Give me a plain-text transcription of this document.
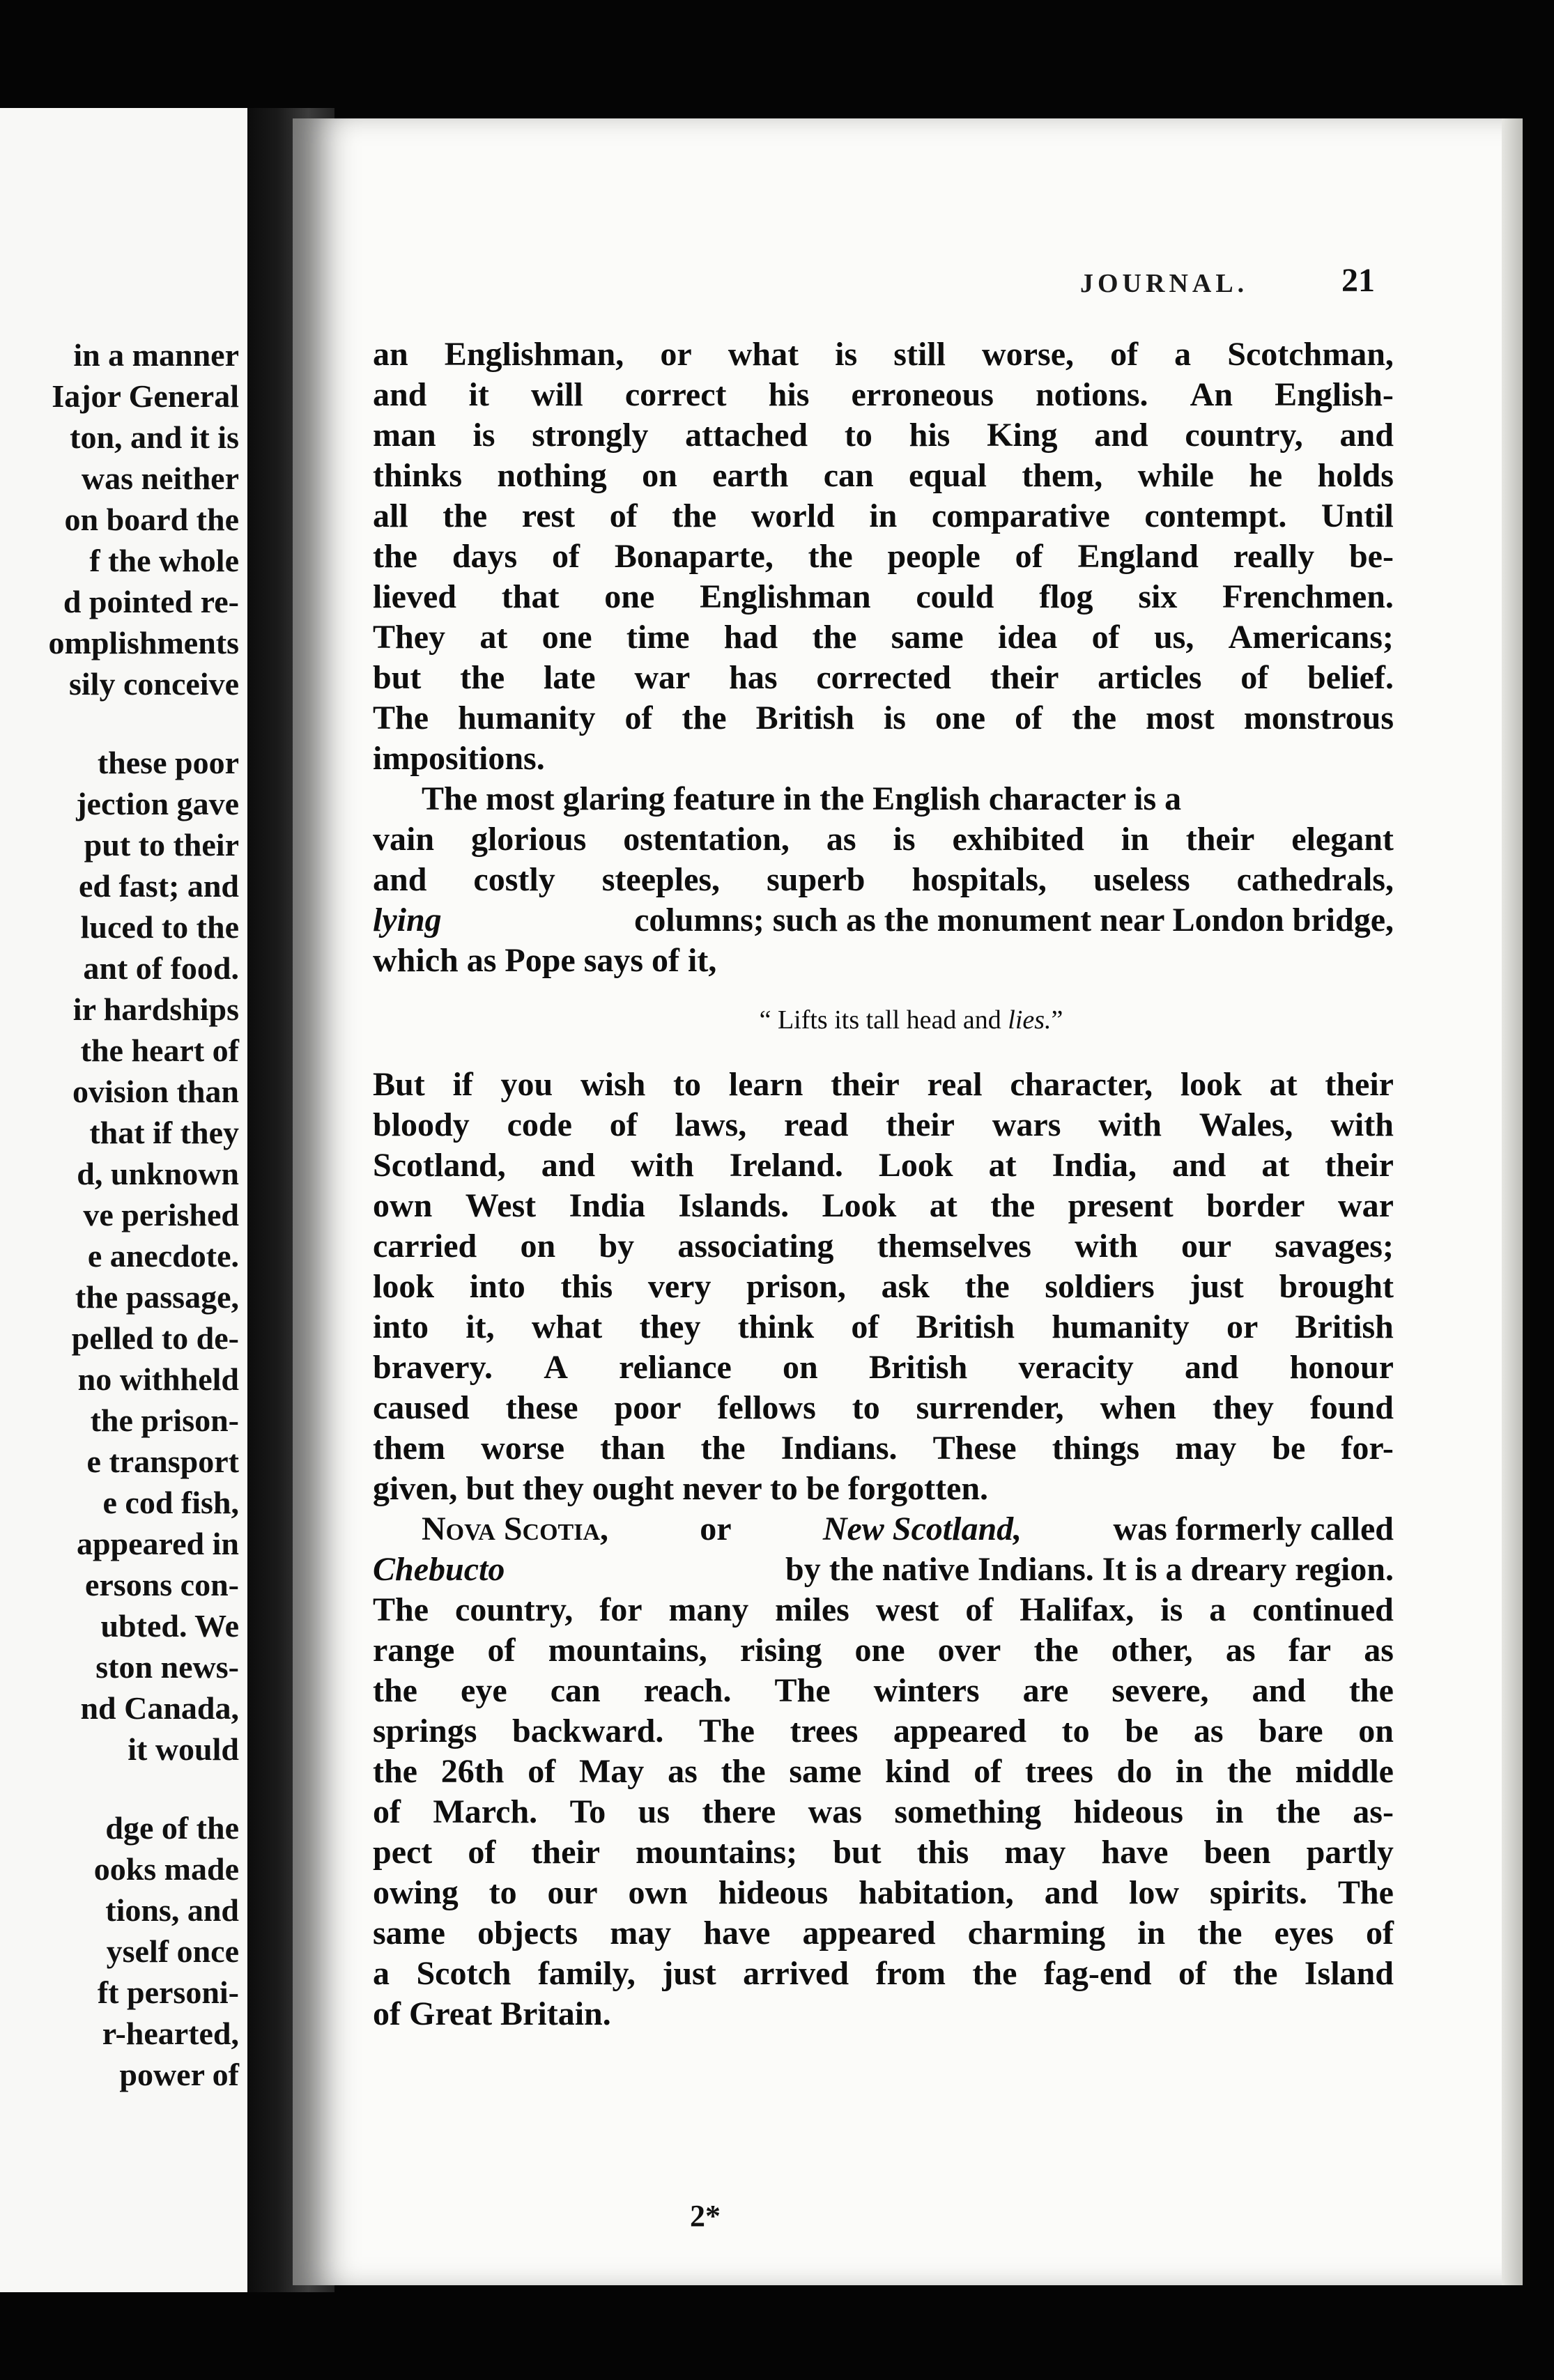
in a manner
Iajor General
ton, and it is
was neither
on board the
f the whole
d pointed re-
omplishments
sily conceive
these poor
jection gave
put to their
ed fast; and
luced to the
ant of food.
ir hardships
the heart of
ovision than
that if they
d, unknown
ve perished
e anecdote.
the passage,
pelled to de-
no withheld
the prison-
e transport
e cod fish,
appeared in
ersons con-
ubted. We
ston news-
nd Canada,
it would
dge of the
ooks made
tions, and
yself once
ft personi-
r-hearted,
power of
JOURNAL.	21
an Englishman, or what is still worse, of a Scotchman,
and it will correct his erroneous notions. An English-
man is strongly attached to his King and country, and
thinks nothing on earth can equal them, while he holds
all the rest of the world in comparative contempt. Until
the days of Bonaparte, the people of England really be-
lieved that one Englishman could flog six Frenchmen.
They at one time had the same idea of us, Americans;
but the late war has corrected their articles of belief.
The humanity of the British is one of the most monstrous
impositions.
The most glaring feature in the English character is a
vain glorious ostentation, as is exhibited in their elegant
and costly steeples, superb hospitals, useless cathedrals,
lying	columns; such as the monument near London bridge,
which as Pope says of it,
“ Lifts its tall head and lies.”
But if you wish to learn their real character, look at their
bloody code of laws, read their wars with Wales, with
Scotland, and with Ireland. Look at India, and at their
own West India Islands. Look at the present border war
carried on by associating themselves with our savages;
look into this very prison, ask the soldiers just brought
into it, what they think of British humanity or British
bravery. A reliance on British veracity and honour
caused these poor fellows to surrender, when they found
them worse than the Indians. These things may be for-
given, but they ought never to be forgotten.
Nova Scotia,	or	New Scotland,	was formerly called
Chebucto	by the native Indians. It is a dreary region.
The country, for many miles west of Halifax, is a continued
range of mountains, rising one over the other, as far as
the eye can reach. The winters are severe, and the
springs backward. The trees appeared to be as bare on
the 26th of May as the same kind of trees do in the middle
of March. To us there was something hideous in the as-
pect of their mountains; but this may have been partly
owing to our own hideous habitation, and low spirits. The
same objects may have appeared charming in the eyes of
a Scotch family, just arrived from the fag-end of the Island
of Great Britain.
2*
